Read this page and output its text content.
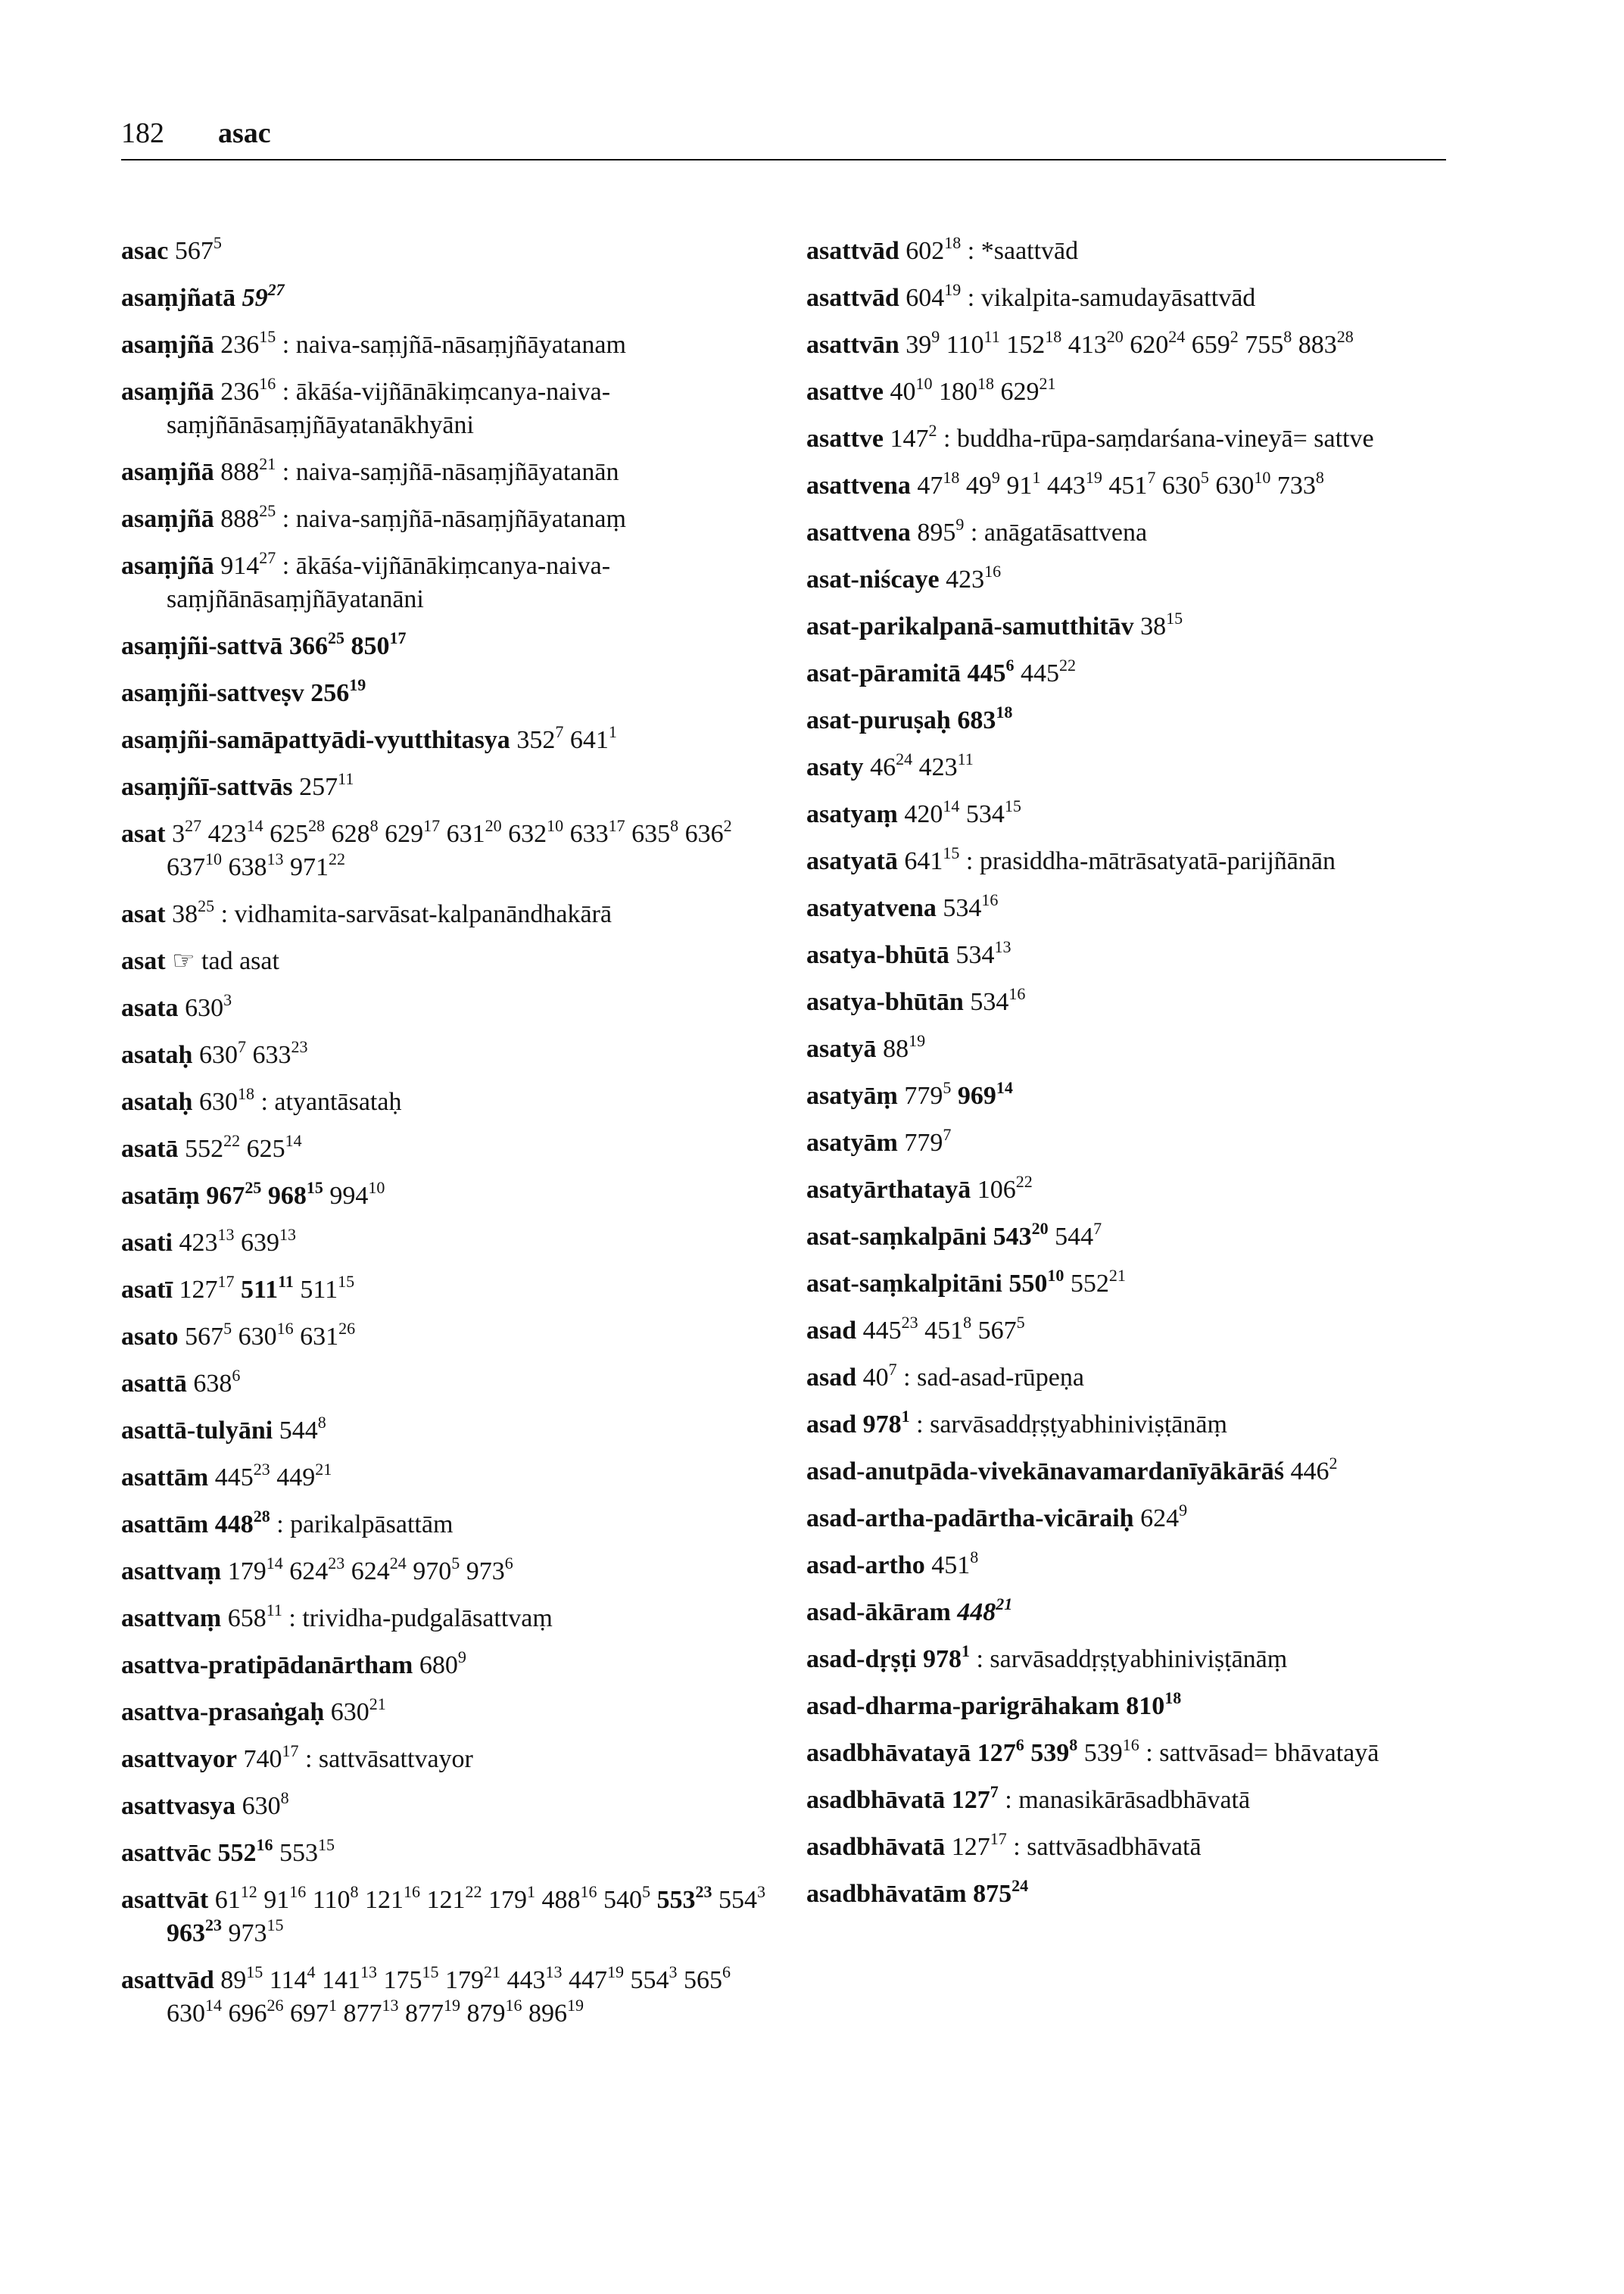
182 asac
asac $567^5$
asaṃjñatā $59^{27}$
asaṃjñā $236^{15}$ : naiva-saṃjñā-nāsaṃjñāyatanam
asaṃjñā $236^{16}$ : ākāśa-vijñānākiṃcanya-naiva-saṃjñānāsaṃjñāyatanākhyāni
asaṃjñā $888^{21}$ : naiva-saṃjñā-nāsaṃjñāyatanān
asaṃjñā $888^{25}$ : naiva-saṃjñā-nāsaṃjñāyatanaṃ
asaṃjñā $914^{27}$ : ākāśa-vijñānākiṃcanya-naiva-saṃjñānāsaṃjñāyatanāni
asaṃjñi-sattvā $366^{25}$ $850^{17}$
asaṃjñi-sattveṣv $256^{19}$
asaṃjñi-samāpattyādi-vyutthitasya $352^7$ $641^1$
asaṃjñī-sattvās $257^{11}$
asat $3^{27}$ $423^{14}$ $625^{28}$ $628^8$ $629^{17}$ $631^{20}$ $632^{10}$ $633^{17}$ $635^8$ $636^2$ $637^{10}$ $638^{13}$ $971^{22}$
asat $38^{25}$ : vidhamita-sarvāsat-kalpanāndhakārā
asat ☞ tad asat
asata $630^3$
asataḥ $630^7$ $633^{23}$
asataḥ $630^{18}$ : atyantāsataḥ
asatā $552^{22}$ $625^{14}$
asatāṃ $967^{25}$ $968^{15}$ $994^{10}$
asati $423^{13}$ $639^{13}$
asatī $127^{17}$ $511^{11}$ $511^{15}$
asato $567^5$ $630^{16}$ $631^{26}$
asattā $638^6$
asattā-tulyāni $544^8$
asattām $445^{23}$ $449^{21}$
asattām $448^{28}$ : parikalpāsattām
asattvaṃ $179^{14}$ $624^{23}$ $624^{24}$ $970^5$ $973^6$
asattvaṃ $658^{11}$ : trividha-pudgalāsattvaṃ
asattva-pratipādanārtham $680^9$
asattva-prasaṅgaḥ $630^{21}$
asattvayor $740^{17}$ : sattvāsattvayor
asattvasya $630^8$
asattvāc $552^{16}$ $553^{15}$
asattvāt $61^{12}$ $91^{16}$ $110^8$ $121^{16}$ $121^{22}$ $179^1$ $488^{16}$ $540^5$ $553^{23}$ $554^3$ $963^{23}$ $973^{15}$
asattvād $89^{15}$ $114^4$ $141^{13}$ $175^{15}$ $179^{21}$ $443^{13}$ $447^{19}$ $554^3$ $565^6$ $630^{14}$ $696^{26}$ $697^1$ $877^{13}$ $877^{19}$ $879^{16}$ $896^{19}$
asattvād $602^{18}$ : *saattvād
asattvād $604^{19}$ : vikalpita-samudayāsattvād
asattvān $39^9$ $110^{11}$ $152^{18}$ $413^{20}$ $620^{24}$ $659^2$ $755^8$ $883^{28}$
asattve $40^{10}$ $180^{18}$ $629^{21}$
asattve $147^2$ : buddha-rūpa-saṃdarśana-vineyā= sattve
asattvena $47^{18}$ $49^9$ $91^1$ $443^{19}$ $451^7$ $630^5$ $630^{10}$ $733^8$
asattvena $895^9$ : anāgatāsattvena
asat-niścaye $423^{16}$
asat-parikalpanā-samutthitāv $38^{15}$
asat-pāramitā $445^6$ $445^{22}$
asat-puruṣaḥ $683^{18}$
asaty $46^{24}$ $423^{11}$
asatyaṃ $420^{14}$ $534^{15}$
asatyatā $641^{15}$ : prasiddha-mātrāsatyatā-parijñānān
asatyatvena $534^{16}$
asatya-bhūtā $534^{13}$
asatya-bhūtān $534^{16}$
asatyā $88^{19}$
asatyāṃ $779^5$ $969^{14}$
asatyām $779^7$
asatyārthatayā $106^{22}$
asat-saṃkalpāni $543^{20}$ $544^7$
asat-saṃkalpitāni $550^{10}$ $552^{21}$
asad $445^{23}$ $451^8$ $567^5$
asad $40^7$ : sad-asad-rūpeṇa
asad $978^1$ : sarvāsaddṛṣṭyabhiniviṣṭānāṃ
asad-anutpāda-vivekānavamardanīyākārāś $446^2$
asad-artha-padārtha-vicāraiḥ $624^9$
asad-artho $451^8$
asad-ākāram $448^{21}$
asad-dṛṣṭi $978^1$ : sarvāsaddṛṣṭyabhiniviṣṭānāṃ
asad-dharma-parigrāhakam $810^{18}$
asadbhāvatayā $127^6$ $539^8$ $539^{16}$ : sattvāsad= bhāvatayā
asadbhāvatā $127^7$ : manasikārāsadbhāvatā
asadbhāvatā $127^{17}$ : sattvāsadbhāvatā
asadbhāvatām $875^{24}$
